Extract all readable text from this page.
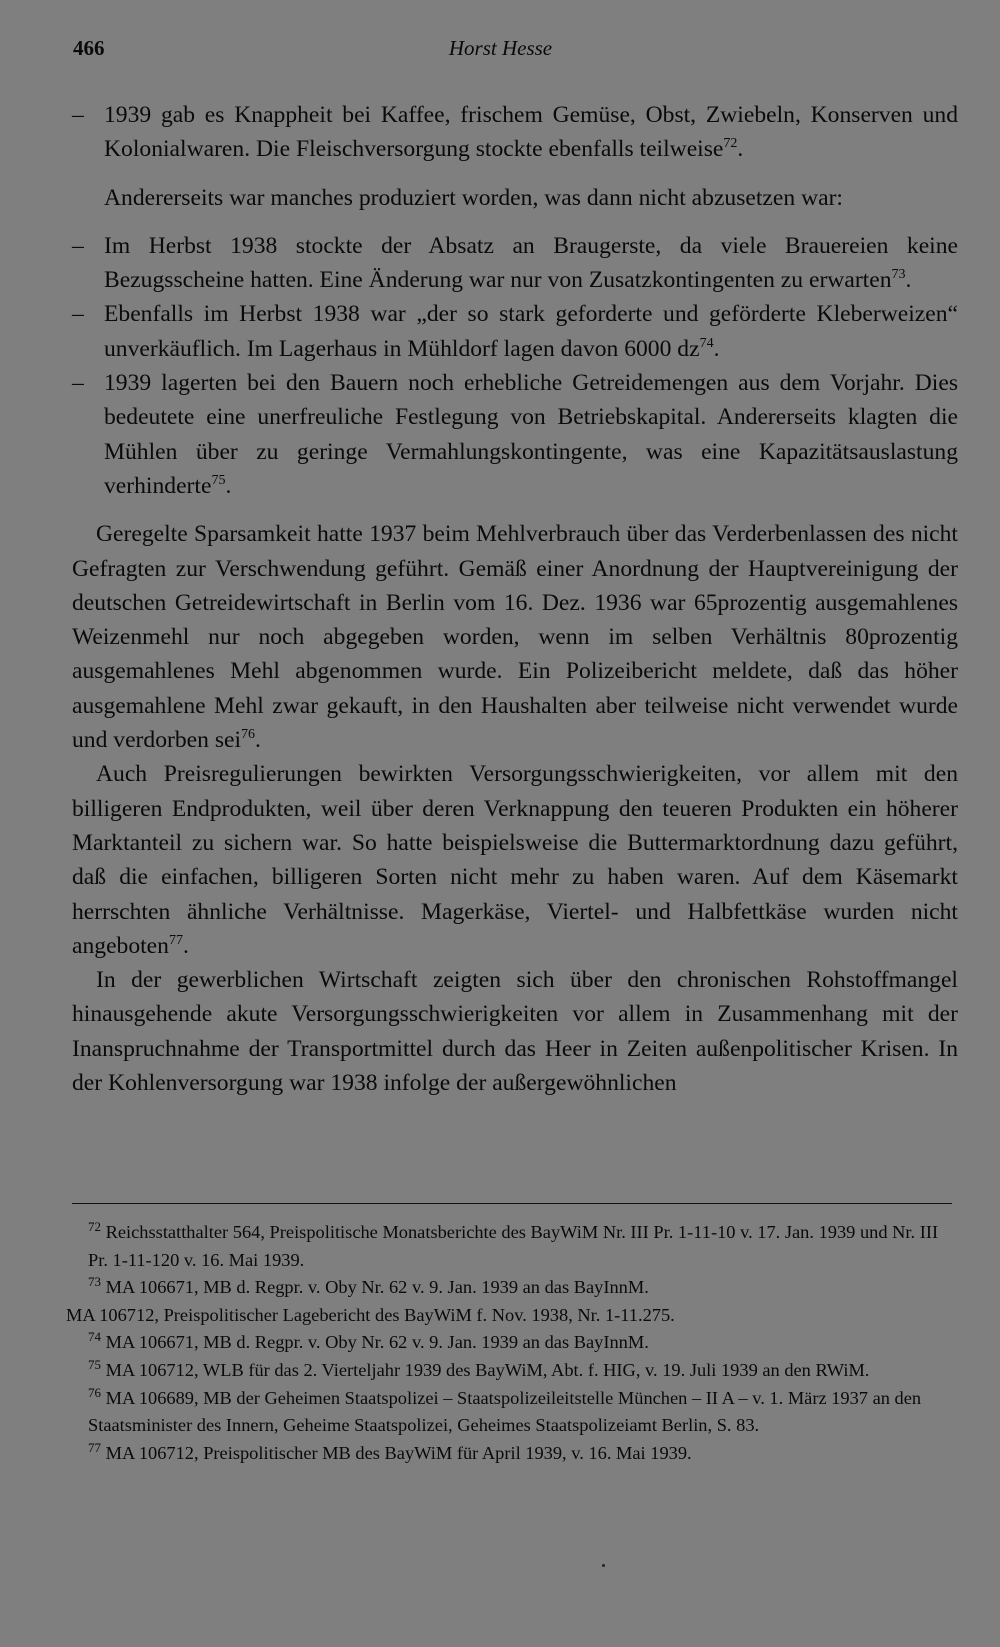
466	Horst Hesse
– 1939 gab es Knappheit bei Kaffee, frischem Gemüse, Obst, Zwiebeln, Konserven und Kolonialwaren. Die Fleischversorgung stockte ebenfalls teilweise$^{72}$.

Andererseits war manches produziert worden, was dann nicht abzusetzen war:

– Im Herbst 1938 stockte der Absatz an Braugerste, da viele Brauereien keine Bezugsscheine hatten. Eine Änderung war nur von Zusatzkontingenten zu erwarten$^{73}$.
– Ebenfalls im Herbst 1938 war „der so stark geforderte und geförderte Kleberweizen“ unverkäuflich. Im Lagerhaus in Mühldorf lagen davon 6000 $dz^{74}$.
– 1939 lagerten bei den Bauern noch erhebliche Getreidemengen aus dem Vorjahr. Dies bedeutete eine unerfreuliche Festlegung von Betriebskapital. Andererseits klagten die Mühlen über zu geringe Vermahlungskontingente, was eine Kapazitätsauslastung verhinderte$^{75}$.

Geregelte Sparsamkeit hatte 1937 beim Mehlverbrauch über das Verderbenlassen des nicht Gefragten zur Verschwendung geführt. Gemäß einer Anordnung der Hauptvereinigung der deutschen Getreidewirtschaft in Berlin vom 16. Dez. 1936 war 65prozentig ausgemahlenes Weizenmehl nur noch abgegeben worden, wenn im selben Verhältnis 80prozentig ausgemahlenes Mehl abgenommen wurde. Ein Polizeibericht meldete, daß das höher ausgemahlene Mehl zwar gekauft, in den Haushalten aber teilweise nicht verwendet wurde und verdorben sei$^{76}$.

Auch Preisregulierungen bewirkten Versorgungsschwierigkeiten, vor allem mit den billigeren Endprodukten, weil über deren Verknappung den teueren Produkten ein höherer Marktanteil zu sichern war. So hatte beispielsweise die Buttermarktordnung dazu geführt, daß die einfachen, billigeren Sorten nicht mehr zu haben waren. Auf dem Käsemarkt herrschten ähnliche Verhältnisse. Magerkäse, Viertel- und Halbfettkäse wurden nicht angeboten$^{77}$.

In der gewerblichen Wirtschaft zeigten sich über den chronischen Rohstoffmangel hinausgehende akute Versorgungsschwierigkeiten vor allem in Zusammenhang mit der Inanspruchnahme der Transportmittel durch das Heer in Zeiten außenpolitischer Krisen. In der Kohlenversorgung war 1938 infolge der außergewöhnlichen

$^{72}$ Reichsstatthalter 564, Preispolitische Monatsberichte des BayWiM Nr. III Pr. 1-11-10 v. 17. Jan. 1939 und Nr. III Pr. 1-11-120 v. 16. Mai 1939.

$^{73}$ MA 106671, MB d. Regpr. v. Oby Nr. 62 v. 9. Jan. 1939 an das BayInnM.

MA 106712, Preispolitischer Lagebericht des BayWiM f. Nov. 1938, Nr. 1-11.275.

$^{74}$ MA 106671, MB d. Regpr. v. Oby Nr. 62 v. 9. Jan. 1939 an das BayInnM.

$^{75}$ MA 106712, WLB für das 2. Vierteljahr 1939 des BayWiM, Abt. f. HIG, v. 19. Juli 1939 an den RWiM.

$^{76}$ MA 106689, MB der Geheimen Staatspolizei – Staatspolizeileitstelle München – II A – v. 1. März 1937 an den Staatsminister des Innern, Geheime Staatspolizei, Geheimes Staatspolizeiamt Berlin, S. 83.

$^{77}$ MA 106712, Preispolitischer MB des BayWiM für April 1939, v. 16. Mai 1939.
